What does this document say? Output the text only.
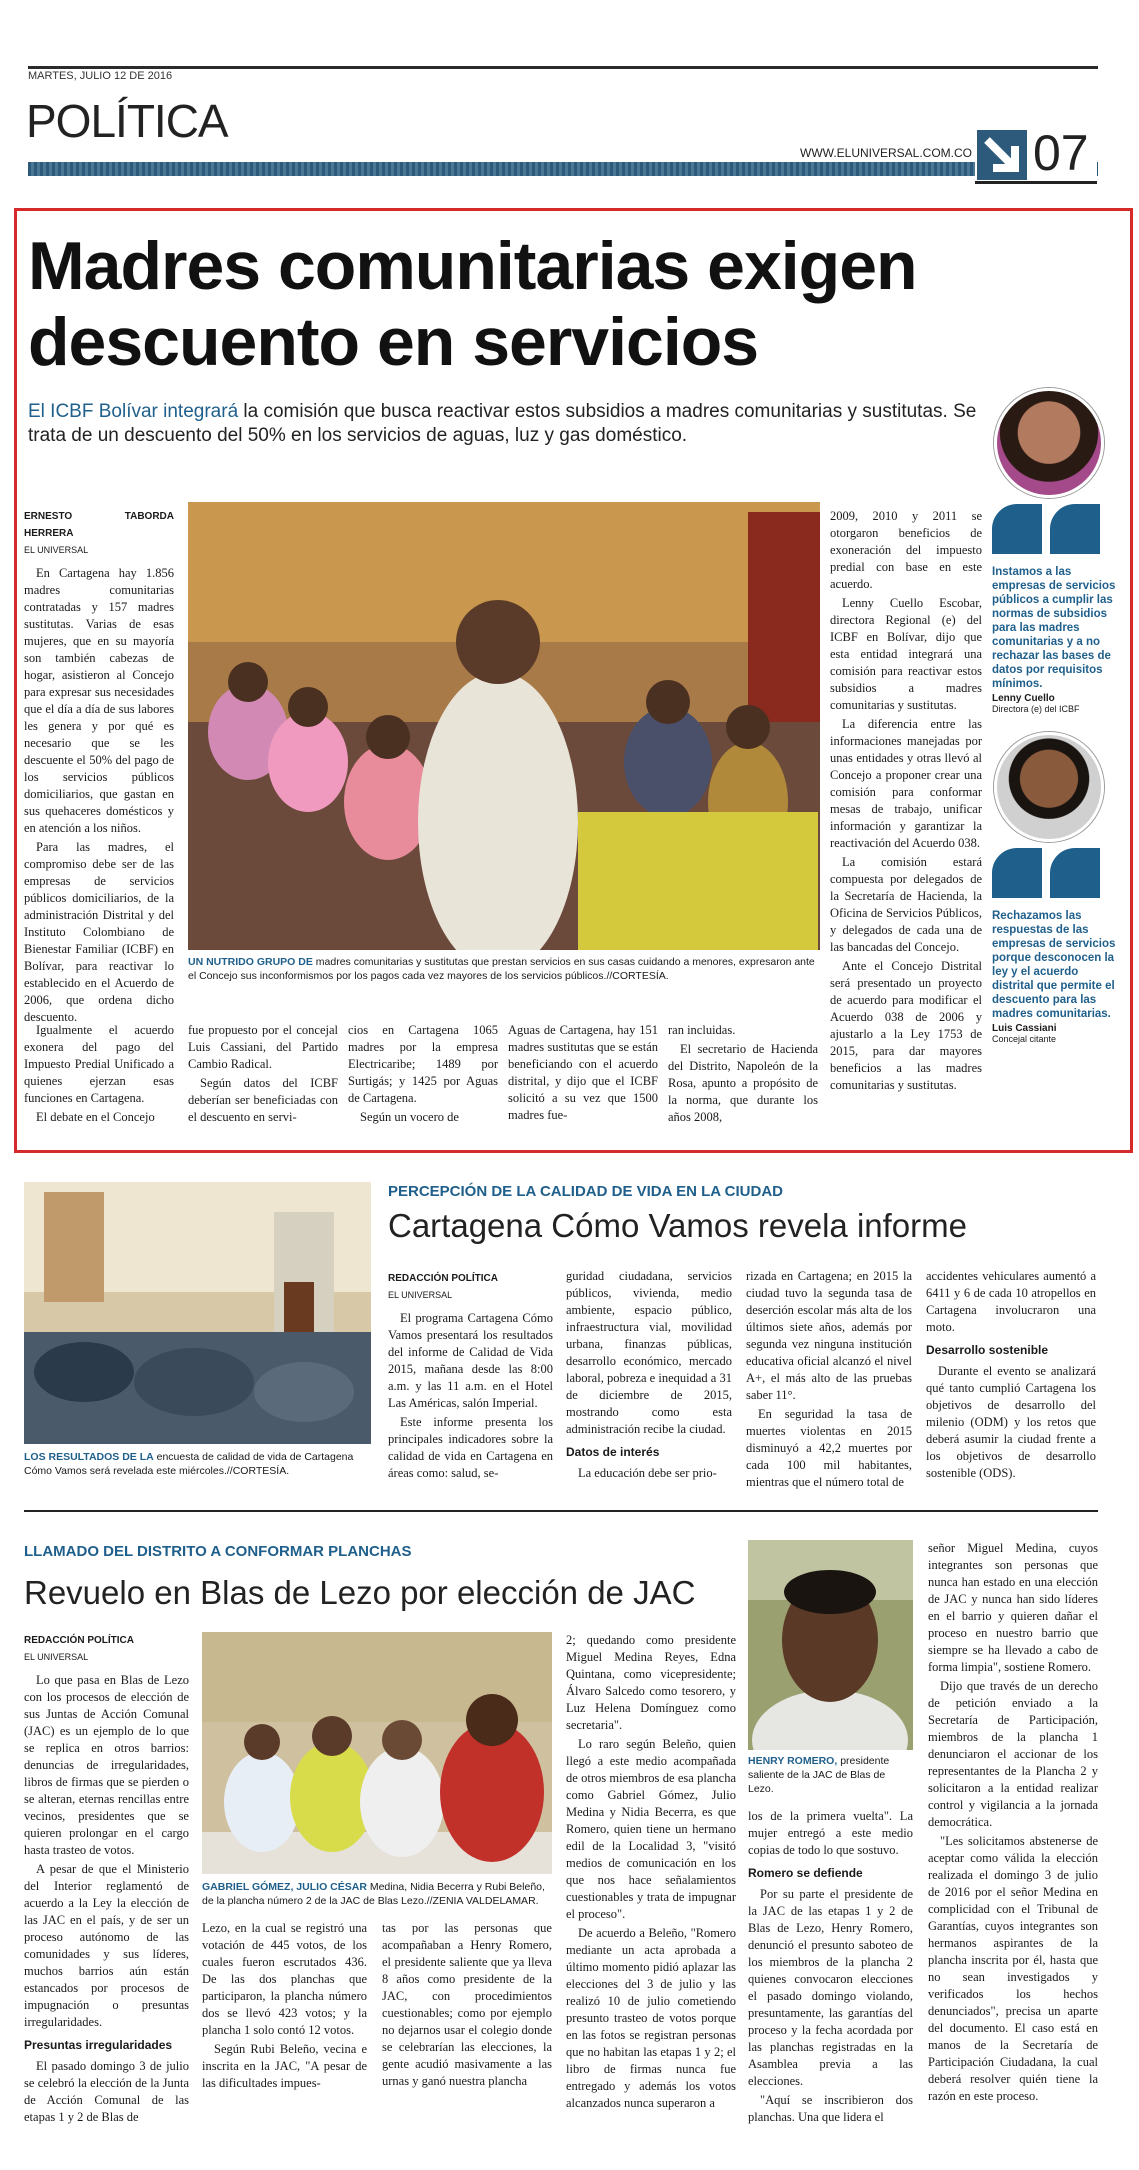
MARTES, JULIO 12 DE 2016
POLÍTICA
WWW.ELUNIVERSAL.COM.CO 07
Madres comunitarias exigen descuento en servicios
El ICBF Bolívar integrará la comisión que busca reactivar estos subsidios a madres comunitarias y sustitutas. Se trata de un descuento del 50% en los servicios de aguas, luz y gas doméstico.
ERNESTO TABORDA HERRERA
EL UNIVERSAL

En Cartagena hay 1.856 madres comunitarias contratadas y 157 madres sustitutas. Varias de esas mujeres, que en su mayoría son también cabezas de hogar, asistieron al Concejo para expresar sus necesidades que el día a día de sus labores les genera y por qué es necesario que se les descuente el 50% del pago de los servicios públicos domiciliarios, que gastan en sus quehaceres domésticos y en atención a los niños.

Para las madres, el compromiso debe ser de las empresas de servicios públicos domiciliarios, de la administración Distrital y del Instituto Colombiano de Bienestar Familiar (ICBF) en Bolívar, para reactivar lo establecido en el Acuerdo de 2006, que ordena dicho descuento.

UN NUTRIDO GRUPO DE madres comunitarias y sustitutas que prestan servicios en sus casas cuidando a menores, expresaron ante el Concejo sus inconformismos por los pagos cada vez mayores de los servicios públicos.//CORTESÍA.

Igualmente el acuerdo exonera del pago del Impuesto Predial Unificado a quienes ejerzan esas funciones en Cartagena.

El debate en el Concejo

fue propuesto por el concejal Luis Cassiani, del Partido Cambio Radical.

Según datos del ICBF deberían ser beneficiadas con el descuento en servi-

cios en Cartagena 1065 madres por la empresa Electricaribe; 1489 por Surtigás; y 1425 por Aguas de Cartagena.

Según un vocero de

Aguas de Cartagena, hay 151 madres sustitutas que se están beneficiando con el acuerdo distrital, y dijo que el ICBF solicitó a su vez que 1500 madres fue-

ran incluidas.

El secretario de Hacienda del Distrito, Napoleón de la Rosa, apunto a propósito de la norma, que durante los años 2008,

2009, 2010 y 2011 se otorgaron beneficios de exoneración del impuesto predial con base en este acuerdo.

Lenny Cuello Escobar, directora Regional (e) del ICBF en Bolívar, dijo que esta entidad integrará una comisión para reactivar estos subsidios a madres comunitarias y sustitutas.

La diferencia entre las informaciones manejadas por unas entidades y otras llevó al Concejo a proponer crear una comisión para conformar mesas de trabajo, unificar información y garantizar la reactivación del Acuerdo 038.

La comisión estará compuesta por delegados de la Secretaría de Hacienda, la Oficina de Servicios Públicos, y delegados de cada una de las bancadas del Concejo.

Ante el Concejo Distrital será presentado un proyecto de acuerdo para modificar el Acuerdo 038 de 2006 y ajustarlo a la Ley 1753 de 2015, para dar mayores beneficios a las madres comunitarias y sustitutas.

Instamos a las empresas de servicios públicos a cumplir las normas de subsidios para las madres comunitarias y a no rechazar las bases de datos por requisitos mínimos.
Lenny Cuello
Directora (e) del ICBF
Rechazamos las respuestas de las empresas de servicios porque desconocen la ley y el acuerdo distrital que permite el descuento para las madres comunitarias.
Luis Cassiani
Concejal citante
LOS RESULTADOS DE LA encuesta de calidad de vida de Cartagena Cómo Vamos será revelada este miércoles.//CORTESÍA.
PERCEPCIÓN DE LA CALIDAD DE VIDA EN LA CIUDAD
Cartagena Cómo Vamos revela informe
REDACCIÓN POLÍTICA
EL UNIVERSAL

El programa Cartagena Cómo Vamos presentará los resultados del informe de Calidad de Vida 2015, mañana desde las 8:00 a.m. y las 11 a.m. en el Hotel Las Américas, salón Imperial.

Este informe presenta los principales indicadores sobre la calidad de vida en Cartagena en áreas como: salud, se-

guridad ciudadana, servicios públicos, vivienda, medio ambiente, espacio público, infraestructura vial, movilidad urbana, finanzas públicas, desarrollo económico, mercado laboral, pobreza e inequidad a 31 de diciembre de 2015, mostrando como esta administración recibe la ciudad.

Datos de interés

La educación debe ser prio-

rizada en Cartagena; en 2015 la ciudad tuvo la segunda tasa de deserción escolar más alta de los últimos siete años, además por segunda vez ninguna institución educativa oficial alcanzó el nivel A+, el más alto de las pruebas saber 11°.

En seguridad la tasa de muertes violentas en 2015 disminuyó a 42,2 muertes por cada 100 mil habitantes, mientras que el número total de

accidentes vehiculares aumentó a 6411 y 6 de cada 10 atropellos en Cartagena involucraron una moto.

Desarrollo sostenible

Durante el evento se analizará qué tanto cumplió Cartagena los objetivos de desarrollo del milenio (ODM) y los retos que deberá asumir la ciudad frente a los objetivos de desarrollo sostenible (ODS).

LLAMADO DEL DISTRITO A CONFORMAR PLANCHAS
Revuelo en Blas de Lezo por elección de JAC
REDACCIÓN POLÍTICA
EL UNIVERSAL

Lo que pasa en Blas de Lezo con los procesos de elección de sus Juntas de Acción Comunal (JAC) es un ejemplo de lo que se replica en otros barrios: denuncias de irregularidades, libros de firmas que se pierden o se alteran, eternas rencillas entre vecinos, presidentes que se quieren prolongar en el cargo hasta trasteo de votos.

A pesar de que el Ministerio del Interior reglamentó de acuerdo a la Ley la elección de las JAC en el país, y de ser un proceso autónomo de las comunidades y sus líderes, muchos barrios aún están estancados por procesos de impugnación o presuntas irregularidades.

Presuntas irregularidades

El pasado domingo 3 de julio se celebró la elección de la Junta de Acción Comunal de las etapas 1 y 2 de Blas de

GABRIEL GÓMEZ, JULIO CÉSAR Medina, Nidia Becerra y Rubi Beleño, de la plancha número 2 de la JAC de Blas Lezo.//ZENIA VALDELAMAR.

Lezo, en la cual se registró una votación de 445 votos, de los cuales fueron escrutados 436. De las dos planchas que participaron, la plancha número dos se llevó 423 votos; y la plancha 1 solo contó 12 votos.

Según Rubi Beleño, vecina e inscrita en la JAC, "A pesar de las dificultades impues-

tas por las personas que acompañaban a Henry Romero, el presidente saliente que ya lleva 8 años como presidente de la JAC, con procedimientos cuestionables; como por ejemplo no dejarnos usar el colegio donde se celebrarían las elecciones, la gente acudió masivamente a las urnas y ganó nuestra plancha

2; quedando como presidente Miguel Medina Reyes, Edna Quintana, como vicepresidente; Álvaro Salcedo como tesorero, y Luz Helena Domínguez como secretaria".

Lo raro según Beleño, quien llegó a este medio acompañada de otros miembros de esa plancha como Gabriel Gómez, Julio Medina y Nidia Becerra, es que Romero, quien tiene un hermano edil de la Localidad 3, "visitó medios de comunicación en los que nos hace señalamientos cuestionables y trata de impugnar el proceso".

De acuerdo a Beleño, "Romero mediante un acta aprobada a último momento pidió aplazar las elecciones del 3 de julio y las realizó 10 de julio cometiendo presunto trasteo de votos porque en las fotos se registran personas que no habitan las etapas 1 y 2; el libro de firmas nunca fue entregado y además los votos alcanzados nunca superaron a

HENRY ROMERO, presidente saliente de la JAC de Blas de Lezo.

los de la primera vuelta". La mujer entregó a este medio copias de todo lo que sostuvo.

Romero se defiende

Por su parte el presidente de la JAC de las etapas 1 y 2 de Blas de Lezo, Henry Romero, denunció el presunto saboteo de los miembros de la plancha 2 quienes convocaron elecciones el pasado domingo violando, presuntamente, las garantías del proceso y la fecha acordada por las planchas registradas en la Asamblea previa a las elecciones.

"Aquí se inscribieron dos planchas. Una que lidera el

señor Miguel Medina, cuyos integrantes son personas que nunca han estado en una elección de JAC y nunca han sido líderes en el barrio y quieren dañar el proceso en nuestro barrio que siempre se ha llevado a cabo de forma limpia", sostiene Romero.

Dijo que través de un derecho de petición enviado a la Secretaría de Participación, miembros de la plancha 1 denunciaron el accionar de los representantes de la Plancha 2 y solicitaron a la entidad realizar control y vigilancia a la jornada democrática.

"Les solicitamos abstenerse de aceptar como válida la elección realizada el domingo 3 de julio de 2016 por el señor Medina en complicidad con el Tribunal de Garantías, cuyos integrantes son hermanos aspirantes de la plancha inscrita por él, hasta que no sean investigados y verificados los hechos denunciados", precisa un aparte del documento. El caso está en manos de la Secretaría de Participación Ciudadana, la cual deberá resolver quién tiene la razón en este proceso.
